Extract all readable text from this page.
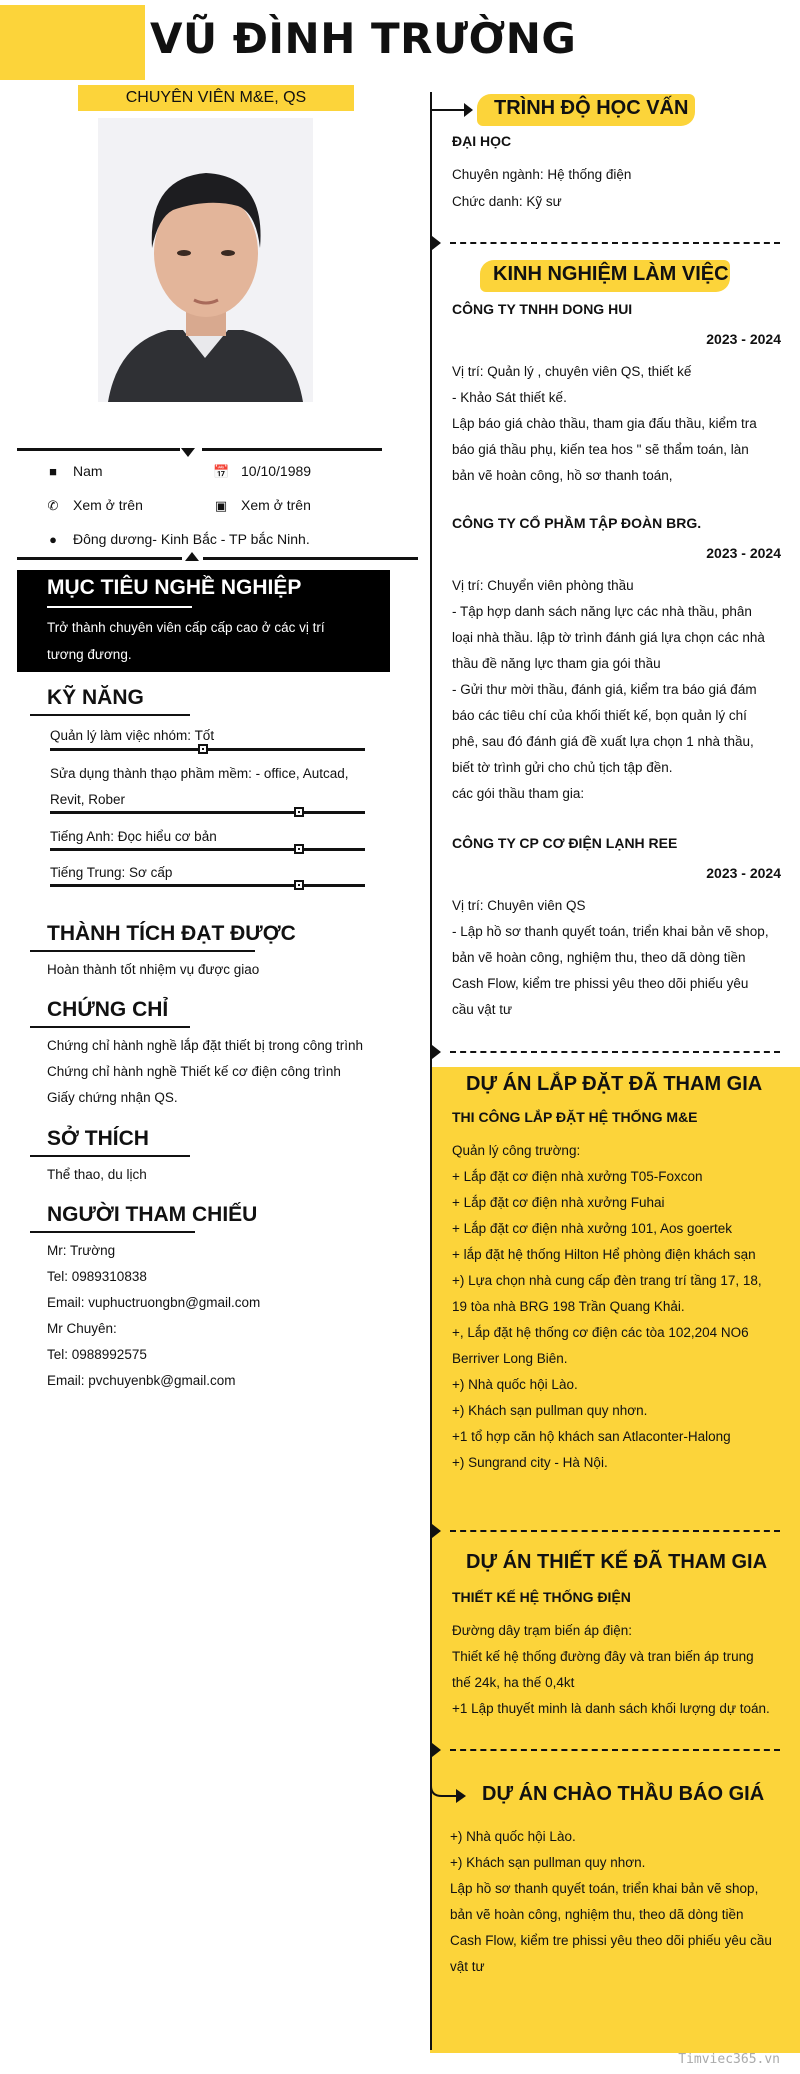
VŨ ĐÌNH TRƯỜNG
CHUYÊN VIÊN M&E, QS
■ Nam	📅 10/10/1989
✆ Xem ở trên	▣ Xem ở trên
● Đông dương- Kinh Bắc - TP bắc Ninh.
MỤC TIÊU NGHỀ NGHIỆP

Trở thành chuyên viên cấp cấp cao ở các vị trí
tương đương.

KỸ NĂNG
Quản lý làm việc nhóm: Tốt
Sửa dụng thành thạo phầm mềm: - office, Autcad,
Revit, Rober
Tiếng Anh: Đọc hiểu cơ bản
Tiếng Trung: Sơ cấp
THÀNH TÍCH ĐẠT ĐƯỢC
Hoàn thành tốt nhiệm vụ được giao
CHỨNG CHỈ
Chứng chỉ hành nghề lắp đặt thiết bị trong công trình
Chứng chỉ hành nghề Thiết kế cơ điện công trình
Giấy chứng nhận QS.
SỞ THÍCH
Thể thao, du lịch
NGƯỜI THAM CHIẾU
Mr: Trường
Tel: 0989310838
Email: vuphuctruongbn@gmail.com
Mr Chuyên:
Tel: 0988992575
Email: pvchuyenbk@gmail.com
TRÌNH ĐỘ HỌC VẤN
ĐẠI HỌC
Chuyên ngành: Hệ thống điện
Chức danh: Kỹ sư
KINH NGHIỆM LÀM VIỆC
CÔNG TY TNHH DONG HUI
2023 - 2024
Vị trí: Quản lý , chuyên viên QS, thiết kế
- Khảo Sát thiết kế.
Lập báo giá chào thầu, tham gia đấu thầu, kiểm tra
báo giá thầu phụ, kiến tea hos " sẽ thẩm toán, làn
bản vẽ hoàn công, hồ sơ thanh toán,
CÔNG TY CỔ PHẦM TẬP ĐOÀN BRG.
2023 - 2024
Vị trí: Chuyển viên phòng thầu
- Tập hợp danh sách năng lực các nhà thầu, phân
loại nhà thầu. lập tờ trình đánh giá lựa chọn các nhà
thầu đề năng lực tham gia gói thầu
- Gửi thư mời thầu, đánh giá, kiểm tra báo giá đám
báo các tiêu chí của khối thiết kế, bọn quản lý chí
phê, sau đó đánh giá đề xuất lựa chọn 1 nhà thầu,
biết tờ trình gửi cho chủ tịch tập đền.
các gói thầu tham gia:
CÔNG TY CP CƠ ĐIỆN LẠNH REE
2023 - 2024
Vị trí: Chuyên viên QS
- Lập hồ sơ thanh quyết toán, triển khai bản vẽ shop,
bản vẽ hoàn công, nghiệm thu, theo dã dòng tiền
Cash Flow, kiểm tre phissi yêu theo dõi phiếu yêu
cầu vật tư
DỰ ÁN LẮP ĐẶT ĐÃ THAM GIA
THI CÔNG LẮP ĐẶT HỆ THỐNG M&E
Quản lý công trường:
+ Lắp đặt cơ điện nhà xưởng T05-Foxcon
+ Lắp đặt cơ điện nhà xưởng Fuhai
+ Lắp đặt cơ điện nhà xưởng 101, Aos goertek
+ lắp đặt hệ thống Hilton Hể phòng điện khách sạn
+) Lựa chọn nhà cung cấp đèn trang trí tầng 17, 18,
19 tòa nhà BRG 198 Trần Quang Khải.
+, Lắp đặt hệ thống cơ điện các tòa 102,204 NO6
Berriver Long Biên.
+) Nhà quốc hội Lào.
+) Khách sạn pullman quy nhơn.
+1 tổ hợp căn hộ khách san Atlaconter-Halong
+) Sungrand city - Hà Nội.
DỰ ÁN THIẾT KẾ ĐÃ THAM GIA
THIẾT KẾ HỆ THỐNG ĐIỆN
Đường dây trạm biến áp điện:
Thiết kế hệ thống đường đây và tran biến áp trung
thế 24k, ha thế 0,4kt
+1 Lập thuyết minh là danh sách khối lượng dự toán.
DỰ ÁN CHÀO THẦU BÁO GIÁ
+) Nhà quốc hội Lào.
+) Khách sạn pullman quy nhơn.
Lập hồ sơ thanh quyết toán, triển khai bản vẽ shop,
bản vẽ hoàn công, nghiệm thu, theo dã dòng tiền
Cash Flow, kiểm tre phissi yêu theo dõi phiếu yêu cầu
vật tư
Timviec365.vn
